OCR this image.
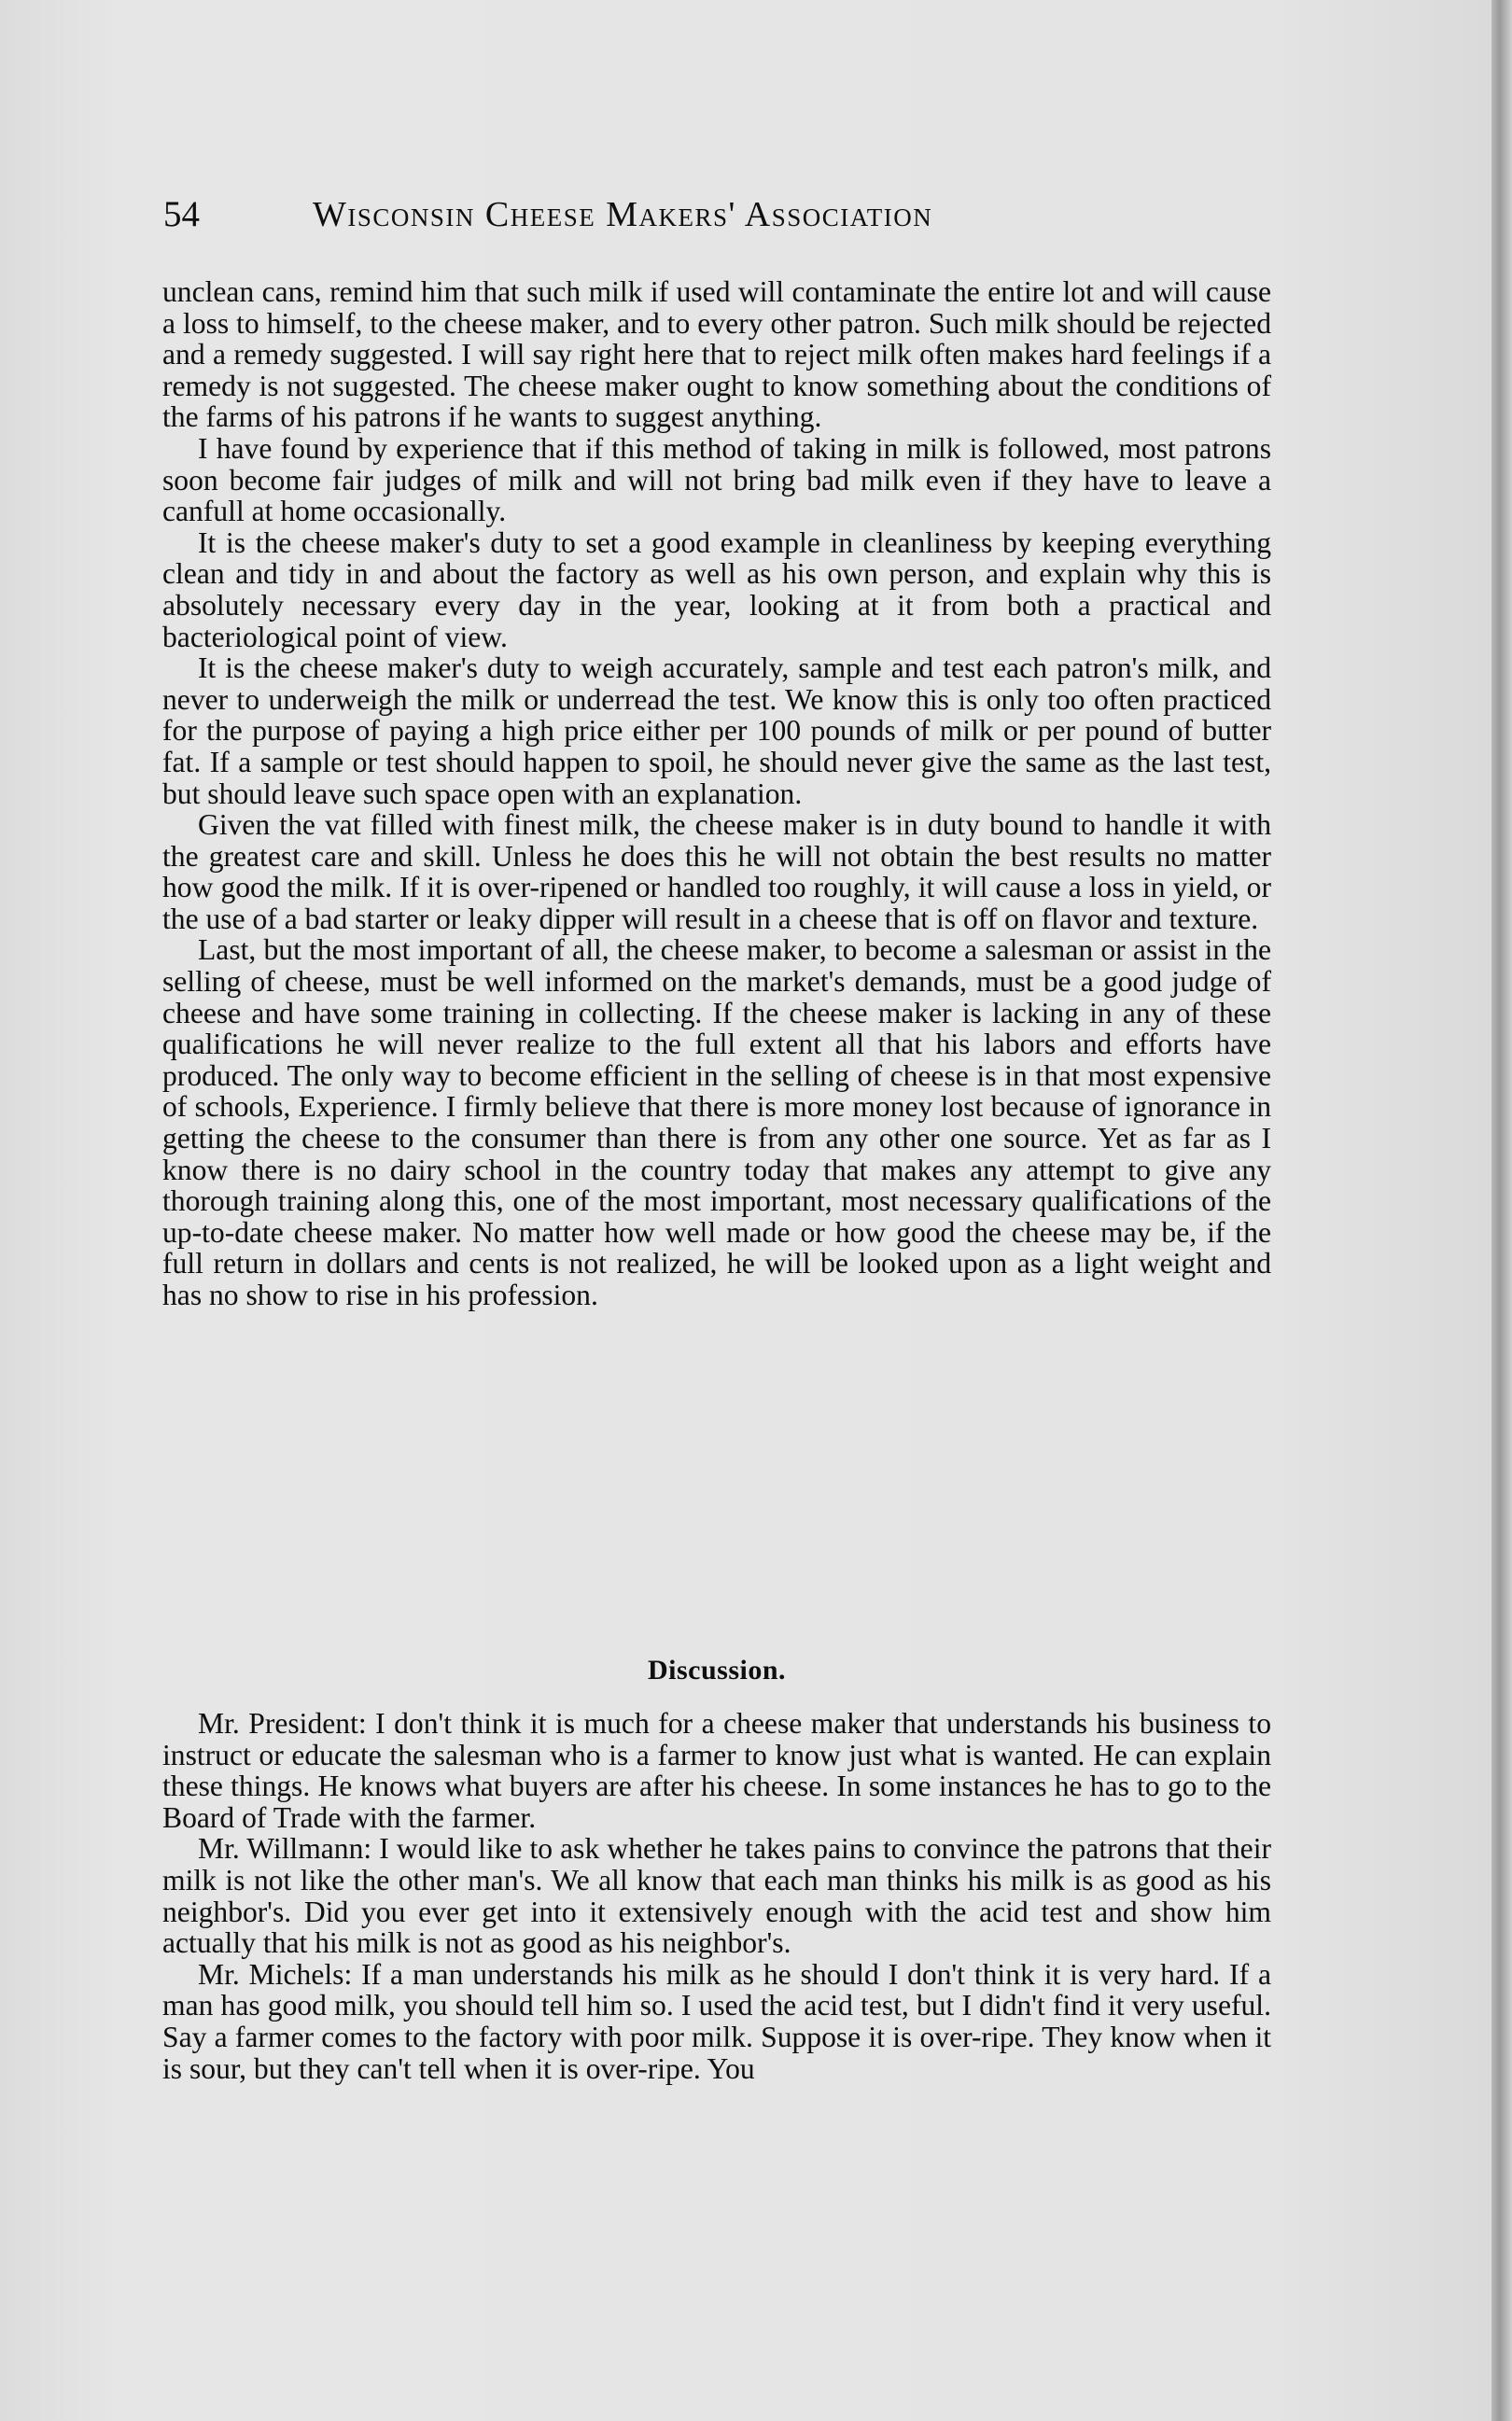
54	Wisconsin Cheese Makers' Association

unclean cans, remind him that such milk if used will contaminate the entire lot and will cause a loss to himself, to the cheese maker, and to every other patron. Such milk should be rejected and a remedy suggested. I will say right here that to reject milk often makes hard feelings if a remedy is not suggested. The cheese maker ought to know something about the conditions of the farms of his patrons if he wants to suggest anything.

I have found by experience that if this method of taking in milk is followed, most patrons soon become fair judges of milk and will not bring bad milk even if they have to leave a canfull at home occasionally.

It is the cheese maker's duty to set a good example in cleanliness by keeping everything clean and tidy in and about the factory as well as his own person, and explain why this is absolutely necessary every day in the year, looking at it from both a practical and bacteriological point of view.

It is the cheese maker's duty to weigh accurately, sample and test each patron's milk, and never to underweigh the milk or underread the test. We know this is only too often practiced for the purpose of paying a high price either per 100 pounds of milk or per pound of butter fat. If a sample or test should happen to spoil, he should never give the same as the last test, but should leave such space open with an explanation.

Given the vat filled with finest milk, the cheese maker is in duty bound to handle it with the greatest care and skill. Unless he does this he will not obtain the best results no matter how good the milk. If it is over-ripened or handled too roughly, it will cause a loss in yield, or the use of a bad starter or leaky dipper will result in a cheese that is off on flavor and texture.

Last, but the most important of all, the cheese maker, to become a salesman or assist in the selling of cheese, must be well informed on the market's demands, must be a good judge of cheese and have some training in collecting. If the cheese maker is lacking in any of these qualifications he will never realize to the full extent all that his labors and efforts have produced. The only way to become efficient in the selling of cheese is in that most expensive of schools, Experience. I firmly believe that there is more money lost because of ignorance in getting the cheese to the consumer than there is from any other one source. Yet as far as I know there is no dairy school in the country today that makes any attempt to give any thorough training along this, one of the most important, most necessary qualifications of the up-to-date cheese maker. No matter how well made or how good the cheese may be, if the full return in dollars and cents is not realized, he will be looked upon as a light weight and has no show to rise in his profession.

Discussion.

Mr. President: I don't think it is much for a cheese maker that understands his business to instruct or educate the salesman who is a farmer to know just what is wanted. He can explain these things. He knows what buyers are after his cheese. In some instances he has to go to the Board of Trade with the farmer.

Mr. Willmann: I would like to ask whether he takes pains to convince the patrons that their milk is not like the other man's. We all know that each man thinks his milk is as good as his neighbor's. Did you ever get into it extensively enough with the acid test and show him actually that his milk is not as good as his neighbor's.

Mr. Michels: If a man understands his milk as he should I don't think it is very hard. If a man has good milk, you should tell him so. I used the acid test, but I didn't find it very useful. Say a farmer comes to the factory with poor milk. Suppose it is over-ripe. They know when it is sour, but they can't tell when it is over-ripe. You
